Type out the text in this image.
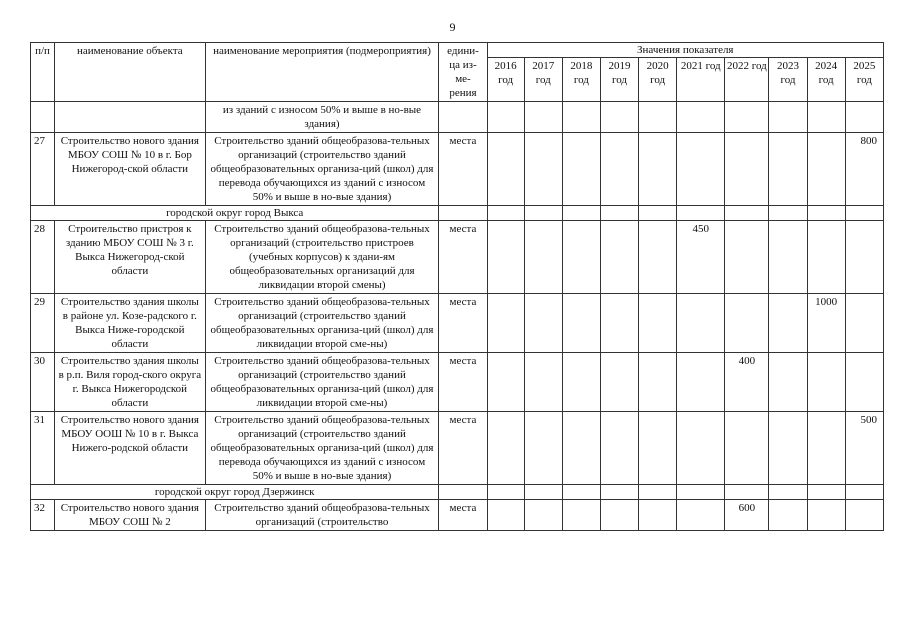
9
п/п	наименование объекта	наименование мероприятия (подмероприятия)	едини-ца из-ме-рения	Значения показателя									
				2016 год	2017 год	2018 год	2019 год	2020 год	2021 год	2022 год	2023 год	2024 год	2025 год
		из зданий с износом 50% и выше в но-вые здания)											
27	Строительство нового здания МБОУ СОШ № 10 в г. Бор Нижегород-ской области	Строительство зданий общеобразова-тельных организаций (строительство зданий общеобразовательных организа-ций (школ) для перевода обучающихся из зданий с износом 50% и выше в но-вые здания)	места										800
городской округ город Выкса													
28	Строительство пристроя к зданию МБОУ СОШ № 3 г. Выкса Нижегород-ской области	Строительство зданий общеобразова-тельных организаций (строительство пристроев (учебных корпусов) к здани-ям общеобразовательных организаций для ликвидации второй смены)	места						450				
29	Строительство здания школы в районе ул. Козе-радского г. Выкса Ниже-городской области	Строительство зданий общеобразова-тельных организаций (строительство зданий общеобразовательных организа-ций (школ) для ликвидации второй сме-ны)	места									1000	
30	Строительство здания школы в р.п. Виля город-ского округа г. Выкса Нижегородской области	Строительство зданий общеобразова-тельных организаций (строительство зданий общеобразовательных организа-ций (школ) для ликвидации второй сме-ны)	места							400			
31	Строительство нового здания МБОУ ООШ № 10 в г. Выкса Нижего-родской области	Строительство зданий общеобразова-тельных организаций (строительство зданий общеобразовательных организа-ций (школ) для перевода обучающихся из зданий с износом 50% и выше в но-вые здания)	места										500
городской округ город Дзержинск													
32	Строительство нового здания МБОУ СОШ № 2	Строительство зданий общеобразова-тельных организаций (строительство	места							600			
